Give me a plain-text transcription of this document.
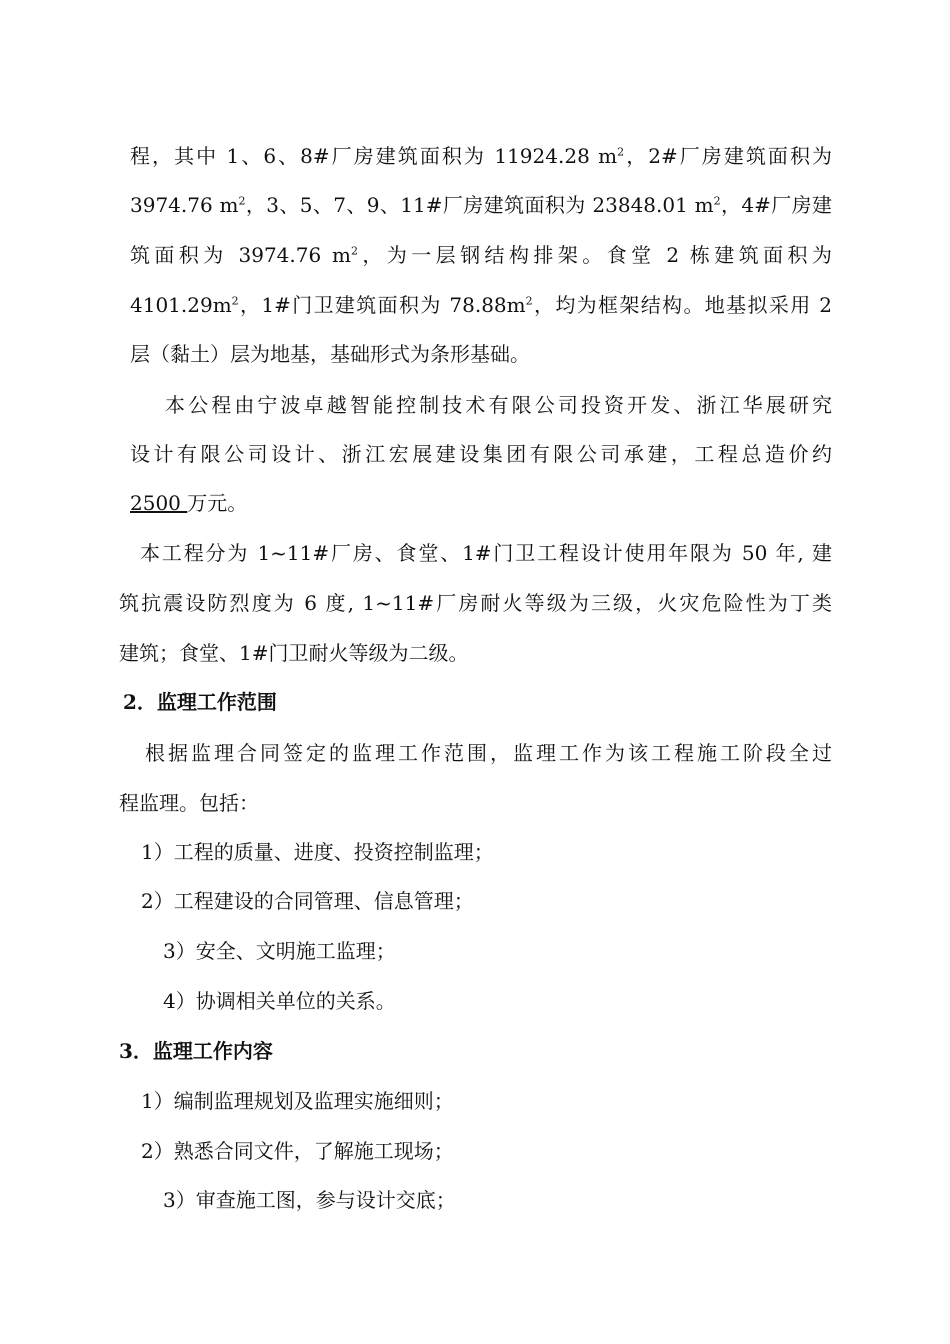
程，其中 1、6、8#厂房建筑面积为 11924.28 $m^2$，2#厂房建筑面积为
3974.76 $m^2$，3、5、7、9、11#厂房建筑面积为 23848.01 $m^2$，4#厂房建
筑面积为 3974.76 $m^2$，为一层钢结构排架。食堂 2 栋建筑面积为
$4101.29m^2$，1#门卫建筑面积为 $78.88m^2$，均为框架结构。地基拟采用 2
层（黏土）层为地基，基础形式为条形基础。
本公程由宁波卓越智能控制技术有限公司投资开发、浙江华展研究
设计有限公司设计、浙江宏展建设集团有限公司承建，工程总造价约
2500 万元。
本工程分为 1~11#厂房、食堂、1#门卫工程设计使用年限为 50 年, 建
筑抗震设防烈度为 6 度, 1~11#厂房耐火等级为三级，火灾危险性为丁类
建筑；食堂、1#门卫耐火等级为二级。
2．监理工作范围
根据监理合同签定的监理工作范围，监理工作为该工程施工阶段全过
程监理。包括：
1）工程的质量、进度、投资控制监理；
2）工程建设的合同管理、信息管理；
3）安全、文明施工监理；
4）协调相关单位的关系。
3．监理工作内容
1）编制监理规划及监理实施细则；
2）熟悉合同文件，了解施工现场；
3）审查施工图，参与设计交底；
